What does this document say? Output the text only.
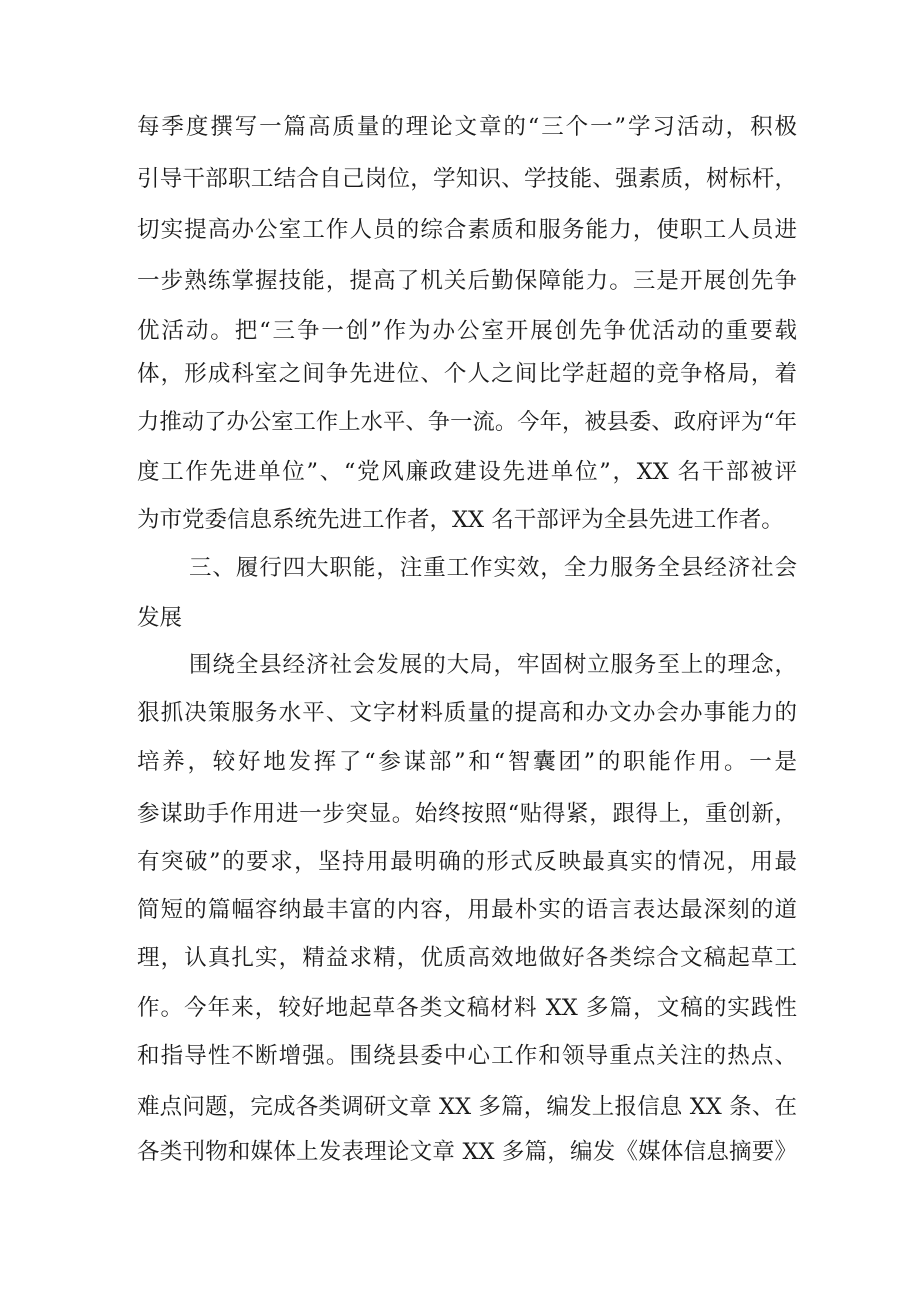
每季度撰写一篇高质量的理论文章的“三个一”学习活动，积极
引导干部职工结合自己岗位，学知识、学技能、强素质，树标杆，
切实提高办公室工作人员的综合素质和服务能力，使职工人员进
一步熟练掌握技能，提高了机关后勤保障能力。三是开展创先争
优活动。把“三争一创”作为办公室开展创先争优活动的重要载
体，形成科室之间争先进位、个人之间比学赶超的竞争格局，着
力推动了办公室工作上水平、争一流。今年，被县委、政府评为“年
度工作先进单位”、“党风廉政建设先进单位”，XX 名干部被评
为市党委信息系统先进工作者，XX 名干部评为全县先进工作者。
三、履行四大职能，注重工作实效，全力服务全县经济社会
发展
围绕全县经济社会发展的大局，牢固树立服务至上的理念，
狠抓决策服务水平、文字材料质量的提高和办文办会办事能力的
培养，较好地发挥了“参谋部”和“智囊团”的职能作用。一是
参谋助手作用进一步突显。始终按照“贴得紧，跟得上，重创新，
有突破”的要求，坚持用最明确的形式反映最真实的情况，用最
简短的篇幅容纳最丰富的内容，用最朴实的语言表达最深刻的道
理，认真扎实，精益求精，优质高效地做好各类综合文稿起草工
作。今年来，较好地起草各类文稿材料 XX 多篇，文稿的实践性
和指导性不断增强。围绕县委中心工作和领导重点关注的热点、
难点问题，完成各类调研文章 XX 多篇，编发上报信息 XX 条、在
各类刊物和媒体上发表理论文章 XX 多篇，编发《媒体信息摘要》
